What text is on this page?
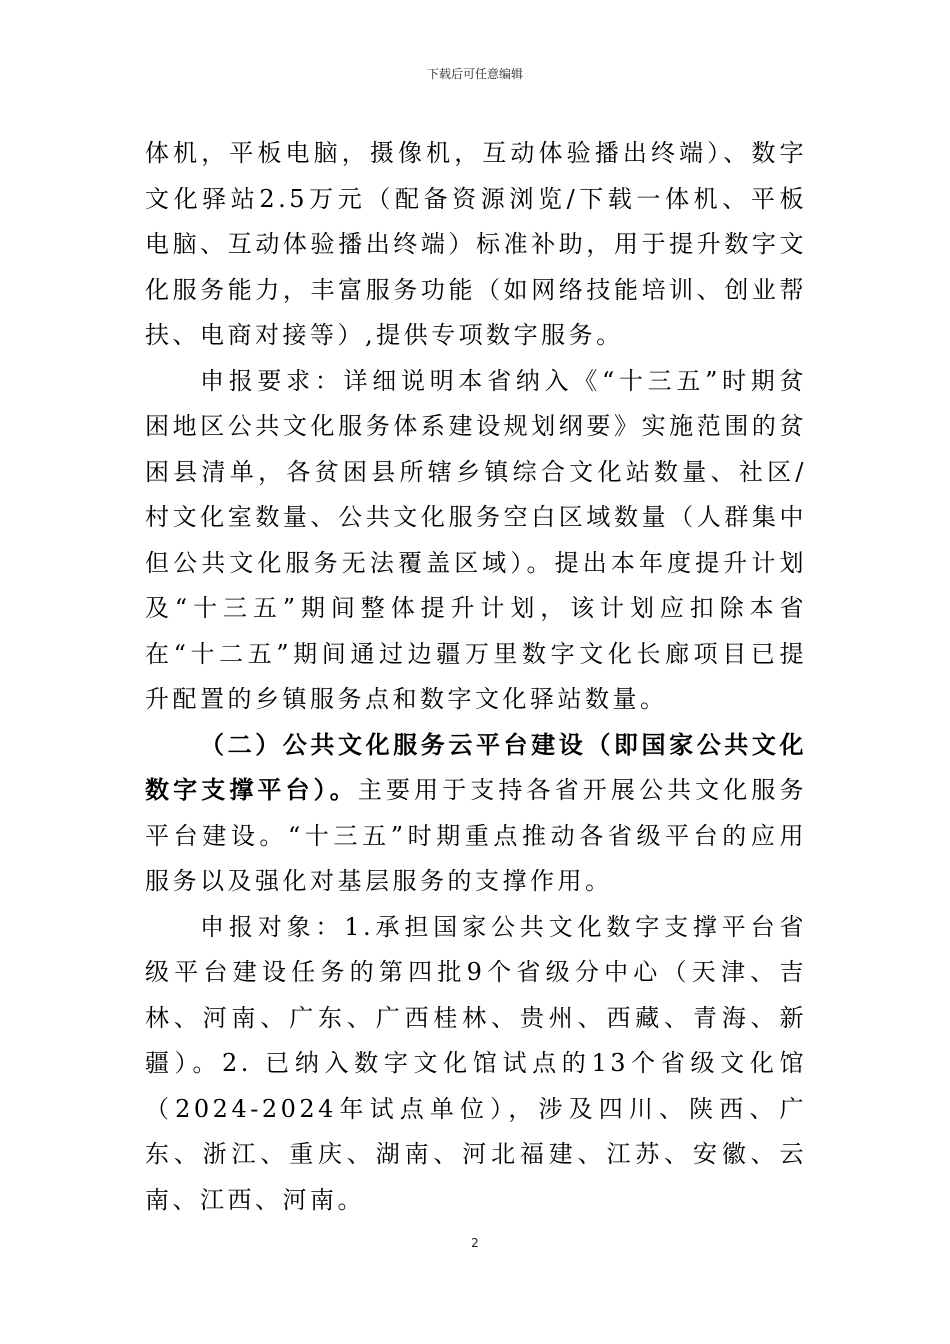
下载后可任意编辑

体机，平板电脑，摄像机，互动体验播出终端）、数字文化驿站2.5万元（配备资源浏览/下载一体机、平板电脑、互动体验播出终端）标准补助，用于提升数字文化服务能力，丰富服务功能（如网络技能培训、创业帮扶、电商对接等）,提供专项数字服务。

申报要求：详细说明本省纳入《“十三五”时期贫困地区公共文化服务体系建设规划纲要》实施范围的贫困县清单，各贫困县所辖乡镇综合文化站数量、社区/村文化室数量、公共文化服务空白区域数量（人群集中但公共文化服务无法覆盖区域）。提出本年度提升计划及“十三五”期间整体提升计划，该计划应扣除本省在“十二五”期间通过边疆万里数字文化长廊项目已提升配置的乡镇服务点和数字文化驿站数量。

（二）公共文化服务云平台建设（即国家公共文化数字支撑平台）。主要用于支持各省开展公共文化服务平台建设。“十三五”时期重点推动各省级平台的应用服务以及强化对基层服务的支撑作用。

申报对象：1.承担国家公共文化数字支撑平台省级平台建设任务的第四批9个省级分中心（天津、吉林、河南、广东、广西桂林、贵州、西藏、青海、新疆）。2. 已纳入数字文化馆试点的13个省级文化馆（2024-2024年试点单位），涉及四川、陕西、广东、浙江、重庆、湖南、河北福建、江苏、安徽、云南、江西、河南。

2
